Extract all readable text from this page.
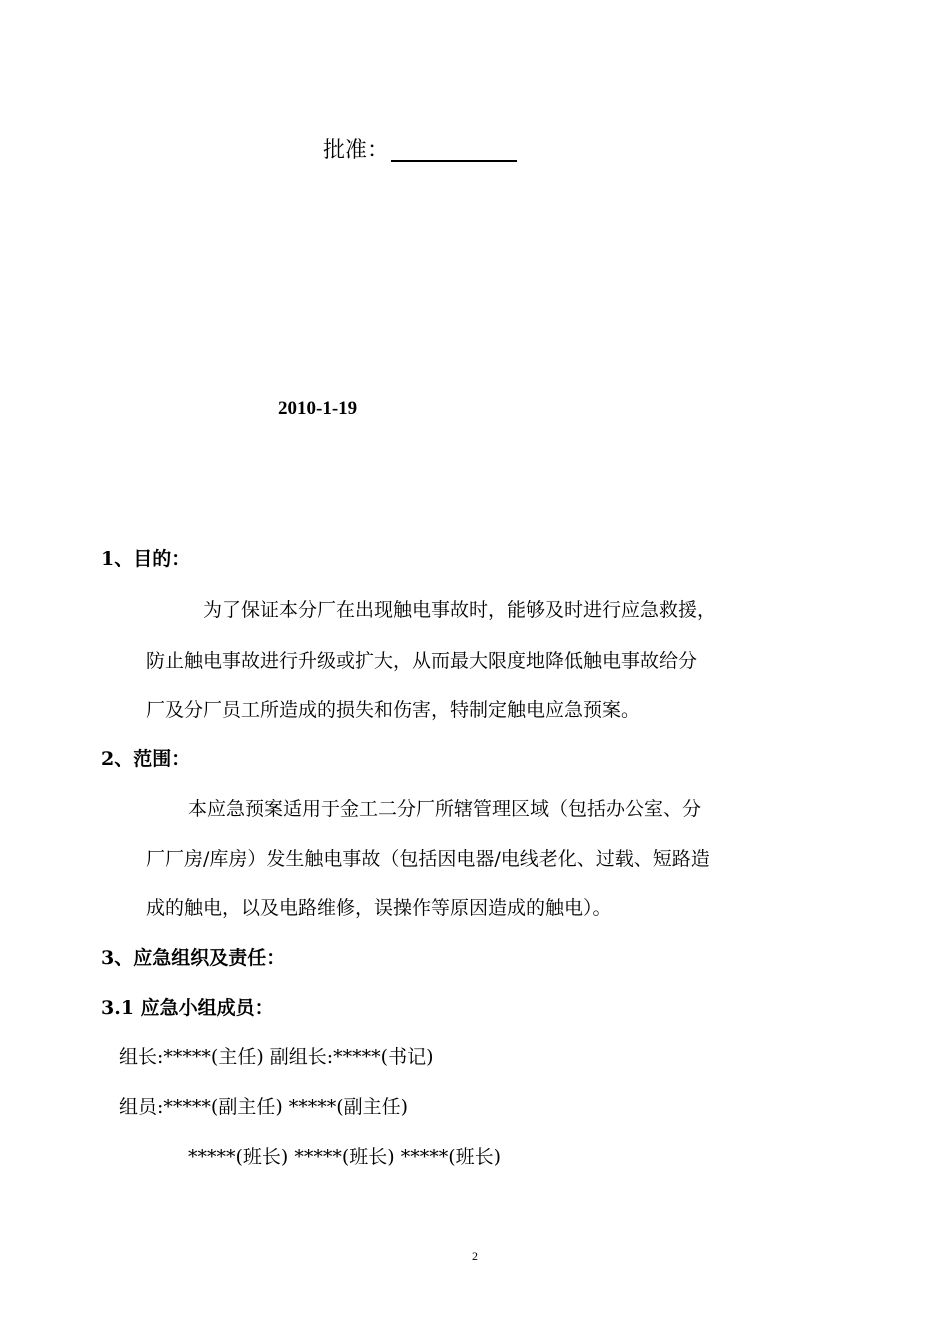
批准：
2010-1-19
1、目的：
为了保证本分厂在出现触电事故时，能够及时进行应急救援，
防止触电事故进行升级或扩大，从而最大限度地降低触电事故给分
厂及分厂员工所造成的损失和伤害，特制定触电应急预案。
2、范围：
本应急预案适用于金工二分厂所辖管理区域（包括办公室、分
厂厂房/库房）发生触电事故（包括因电器/电线老化、过载、短路造
成的触电，以及电路维修，误操作等原因造成的触电）。
3、应急组织及责任：
3.1 应急小组成员：
组长:*****(主任) 副组长:*****(书记)
组员:*****(副主任) *****(副主任)
*****(班长) *****(班长) *****(班长)
2
